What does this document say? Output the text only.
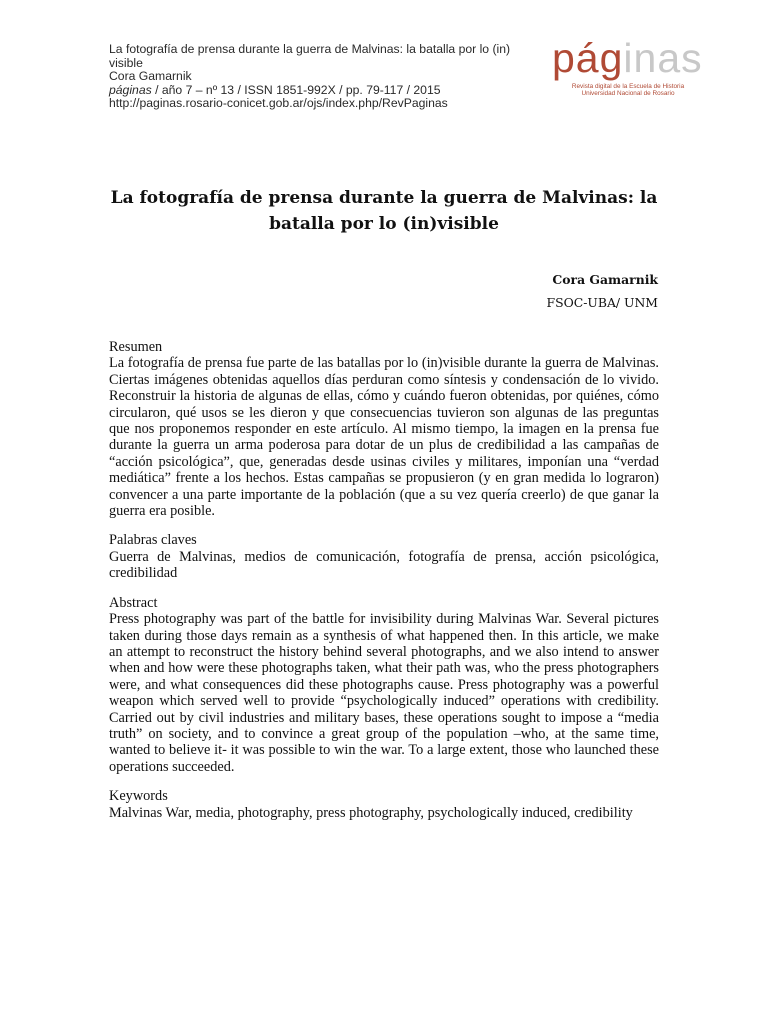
La fotografía de prensa durante la guerra de Malvinas: la batalla por lo (in) visible
Cora Gamarnik
páginas / año 7 – nº 13 / ISSN 1851-992X / pp. 79-117 / 2015
http://paginas.rosario-conicet.gob.ar/ojs/index.php/RevPaginas
páginas
Revista digital de la Escuela de Historia
Universidad Nacional de Rosario
La fotografía de prensa durante la guerra de Malvinas: la batalla por lo (in)visible
Cora Gamarnik
FSOC-UBA/ UNM
Resumen

La fotografía de prensa fue parte de las batallas por lo (in)visible durante la guerra de Malvinas. Ciertas imágenes obtenidas aquellos días perduran como síntesis y condensación de lo vivido. Reconstruir la historia de algunas de ellas, cómo y cuándo fueron obtenidas, por quiénes, cómo circularon, qué usos se les dieron y que consecuencias tuvieron son algunas de las preguntas que nos proponemos responder en este artículo. Al mismo tiempo, la imagen en la prensa fue durante la guerra un arma poderosa para dotar de un plus de credibilidad a las campañas de “acción psicológica”, que, generadas desde usinas civiles y militares, imponían una “verdad mediática” frente a los hechos. Estas campañas se propusieron (y en gran medida lo lograron) convencer a una parte importante de la población (que a su vez quería creerlo) de que ganar la guerra era posible.

Palabras claves

Guerra de Malvinas, medios de comunicación, fotografía de prensa, acción psicológica, credibilidad

Abstract

Press photography was part of the battle for invisibility during Malvinas War. Several pictures taken during those days remain as a synthesis of what happened then. In this article, we make an attempt to reconstruct the history behind several photographs, and we also intend to answer when and how were these photographs taken, what their path was, who the press photographers were, and what consequences did these photographs cause. Press photography was a powerful weapon which served well to provide “psychologically induced” operations with credibility. Carried out by civil industries and military bases, these operations sought to impose a “media truth” on society, and to convince a great group of the population –who, at the same time, wanted to believe it- it was possible to win the war. To a large extent, those who launched these operations succeeded.

Keywords

Malvinas War, media, photography, press photography, psychologically induced, credibility
